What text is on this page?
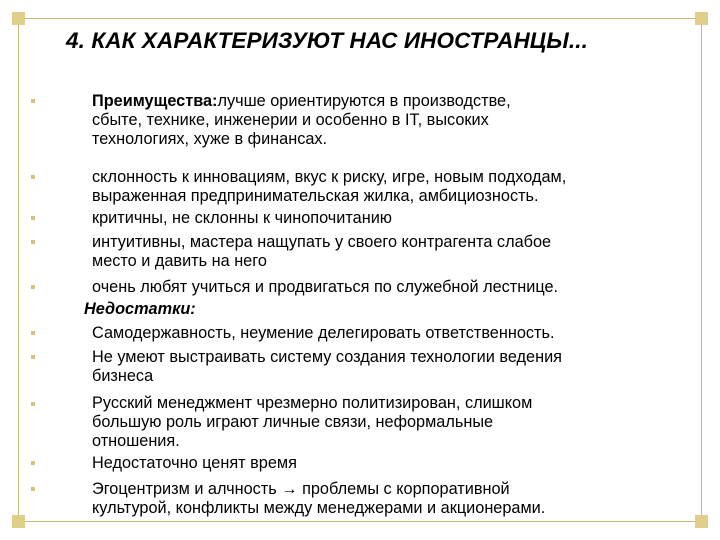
4. КАК ХАРАКТЕРИЗУЮТ НАС ИНОСТРАНЦЫ...
Преимущества:лучше ориентируются в производстве,
сбыте, технике, инженерии и особенно в IT, высоких
технологиях, хуже в финансах.
склонность к инновациям, вкус к риску, игре, новым подходам,
выраженная предпринимательская жилка, амбициозность.
критичны, не склонны к чинопочитанию
интуитивны, мастера нащупать у своего контрагента слабое
место и давить на него
очень любят учиться и продвигаться по служебной лестнице.
Недостатки:
Самодержавность, неумение делегировать ответственность.
Не умеют выстраивать систему создания технологии ведения
бизнеса
Русский менеджмент чрезмерно политизирован, слишком
большую роль играют личные связи, неформальные
отношения.
Недостаточно ценят время
Эгоцентризм и алчность → проблемы с корпоративной
культурой, конфликты между менеджерами и акционерами.
